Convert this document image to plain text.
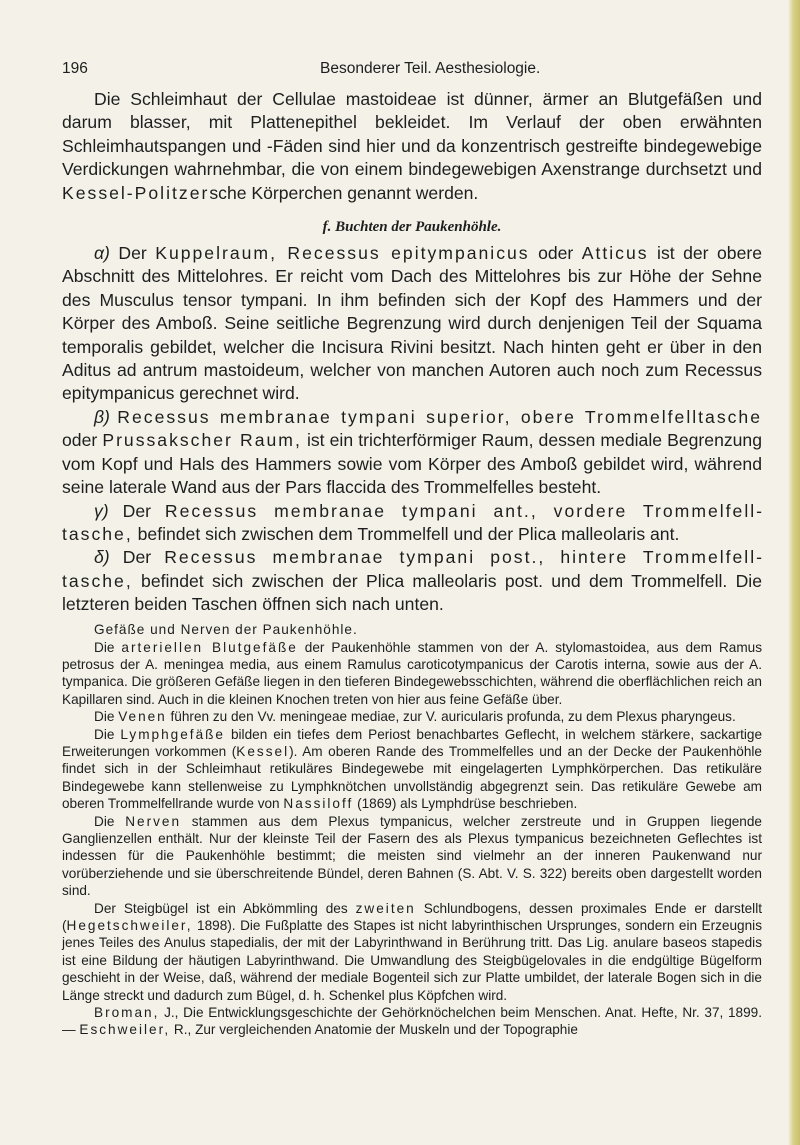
196	Besonderer Teil. Aesthesiologie.

Die Schleimhaut der Cellulae mastoideae ist dünner, ärmer an Blutgefäßen und darum blasser, mit Plattenepithel bekleidet. Im Verlauf der oben erwähnten Schleimhautspangen und -Fäden sind hier und da konzentrisch gestreifte bindegewebige Verdickungen wahrnehmbar, die von einem bindegewebigen Axenstrange durchsetzt und Kessel-Politzersche Körperchen genannt werden.

f. Buchten der Paukenhöhle.

α) Der Kuppelraum, Recessus epitympanicus oder Atticus ist der obere Abschnitt des Mittelohres. Er reicht vom Dach des Mittelohres bis zur Höhe der Sehne des Musculus tensor tympani. In ihm befinden sich der Kopf des Hammers und der Körper des Amboß. Seine seitliche Begrenzung wird durch denjenigen Teil der Squama temporalis gebildet, welcher die Incisura Rivini besitzt. Nach hinten geht er über in den Aditus ad antrum mastoideum, welcher von manchen Autoren auch noch zum Recessus epitympanicus gerechnet wird.

β) Recessus membranae tympani superior, obere Trommelfelltasche oder Prussakscher Raum, ist ein trichterförmiger Raum, dessen mediale Begrenzung vom Kopf und Hals des Hammers sowie vom Körper des Amboß gebildet wird, während seine laterale Wand aus der Pars flaccida des Trommelfelles besteht.

γ) Der Recessus membranae tympani ant., vordere Trommelfelltasche, befindet sich zwischen dem Trommelfell und der Plica malleolaris ant.

δ) Der Recessus membranae tympani post., hintere Trommelfelltasche, befindet sich zwischen der Plica malleolaris post. und dem Trommelfell. Die letzteren beiden Taschen öffnen sich nach unten.

Gefäße und Nerven der Paukenhöhle.

Die arteriellen Blutgefäße der Paukenhöhle stammen von der A. stylomastoidea, aus dem Ramus petrosus der A. meningea media, aus einem Ramulus caroticotympanicus der Carotis interna, sowie aus der A. tympanica. Die größeren Gefäße liegen in den tieferen Bindegewebsschichten, während die oberflächlichen reich an Kapillaren sind. Auch in die kleinen Knochen treten von hier aus feine Gefäße über.

Die Venen führen zu den Vv. meningeae mediae, zur V. auricularis profunda, zu dem Plexus pharyngeus.

Die Lymphgefäße bilden ein tiefes dem Periost benachbartes Geflecht, in welchem stärkere, sackartige Erweiterungen vorkommen (Kessel). Am oberen Rande des Trommelfelles und an der Decke der Paukenhöhle findet sich in der Schleimhaut retikuläres Bindegewebe mit eingelagerten Lymphkörperchen. Das retikuläre Bindegewebe kann stellenweise zu Lymphknötchen unvollständig abgegrenzt sein. Das retikuläre Gewebe am oberen Trommelfellrande wurde von Nassiloff (1869) als Lymphdrüse beschrieben.

Die Nerven stammen aus dem Plexus tympanicus, welcher zerstreute und in Gruppen liegende Ganglienzellen enthält. Nur der kleinste Teil der Fasern des als Plexus tympanicus bezeichneten Geflechtes ist indessen für die Paukenhöhle bestimmt; die meisten sind vielmehr an der inneren Paukenwand nur vorüberziehende und sie überschreitende Bündel, deren Bahnen (S. Abt. V. S. 322) bereits oben dargestellt worden sind.

Der Steigbügel ist ein Abkömmling des zweiten Schlundbogens, dessen proximales Ende er darstellt (Hegetschweiler, 1898). Die Fußplatte des Stapes ist nicht labyrinthischen Ursprunges, sondern ein Erzeugnis jenes Teiles des Anulus stapedialis, der mit der Labyrinthwand in Berührung tritt. Das Lig. anulare baseos stapedis ist eine Bildung der häutigen Labyrinthwand. Die Umwandlung des Steigbügelovales in die endgültige Bügelform geschieht in der Weise, daß, während der mediale Bogenteil sich zur Platte umbildet, der laterale Bogen sich in die Länge streckt und dadurch zum Bügel, d. h. Schenkel plus Köpfchen wird.

Broman, J., Die Entwicklungsgeschichte der Gehörknöchelchen beim Menschen. Anat. Hefte, Nr. 37, 1899. — Eschweiler, R., Zur vergleichenden Anatomie der Muskeln und der Topographie
